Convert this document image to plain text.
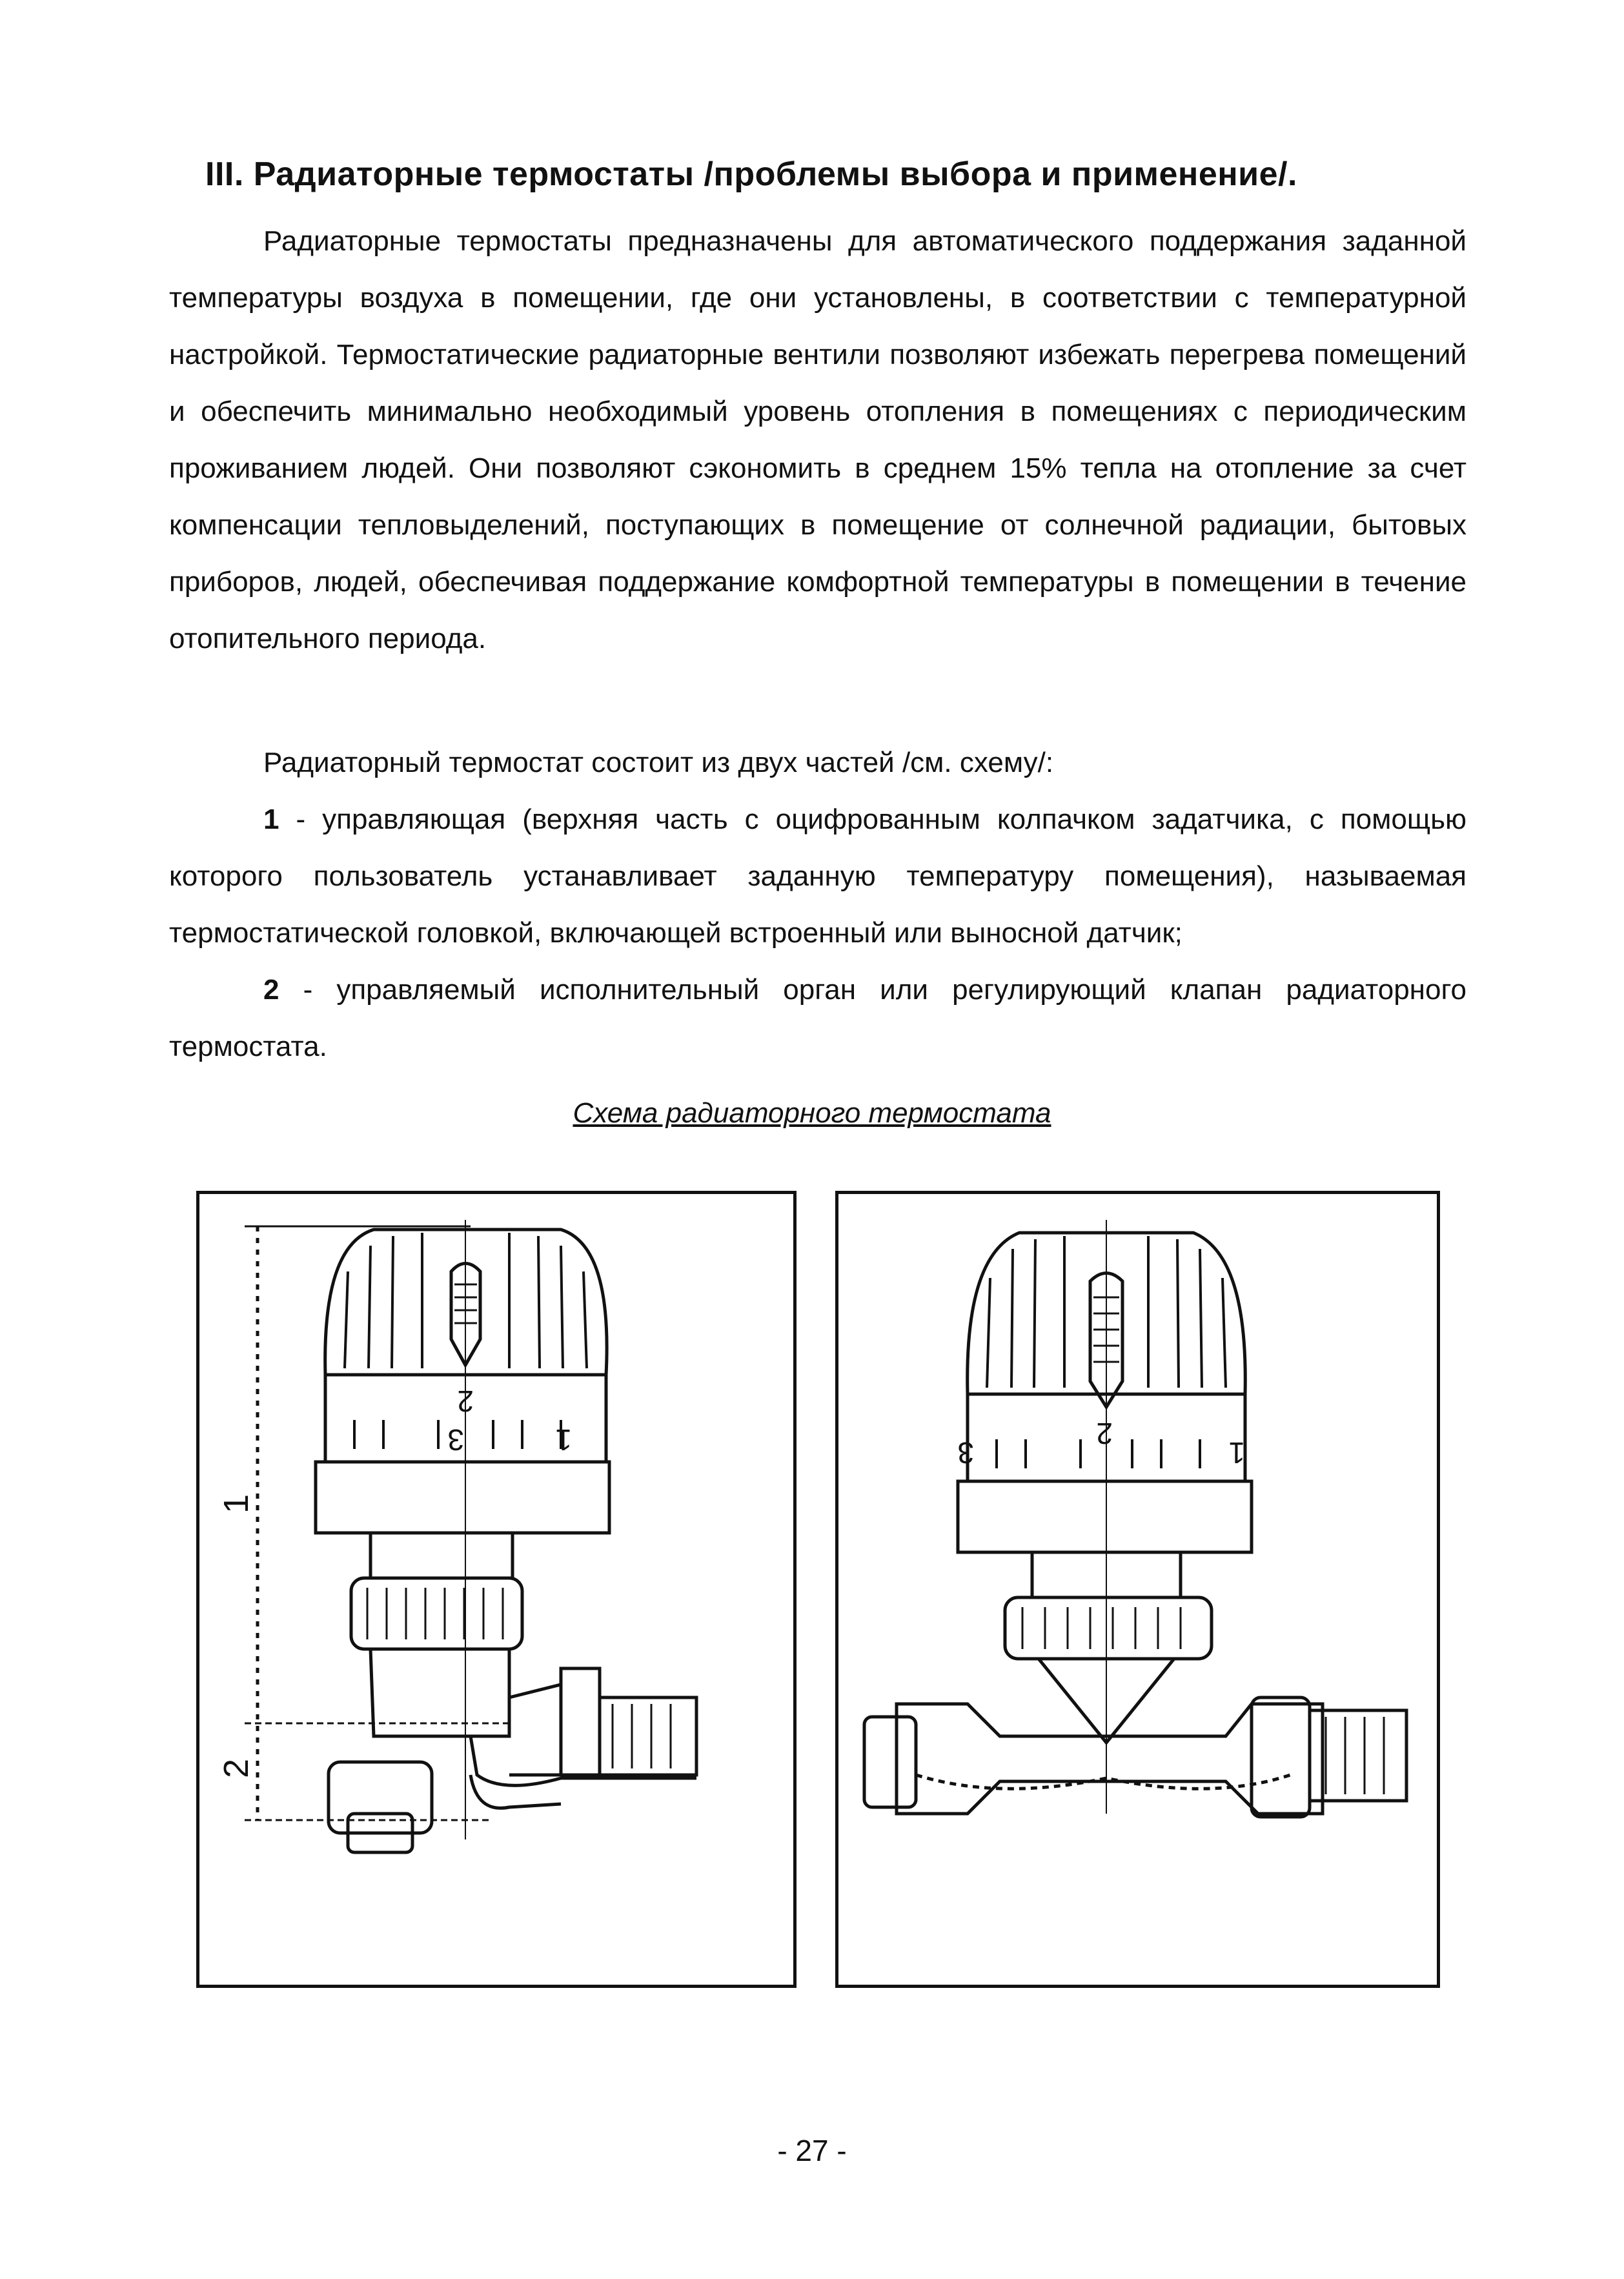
III. Радиаторные термостаты /проблемы выбора и применение/.

Радиаторные термостаты предназначены для автоматического поддержания заданной температуры воздуха в помещении, где они установлены, в соответствии с температурной настройкой. Термостатические радиаторные вентили позволяют избежать перегрева помещений и обеспечить минимально необходимый уровень отопления в помещениях с периодическим проживанием людей. Они позволяют сэкономить в среднем 15% тепла на отопление за счет компенсации тепловыделений, поступающих в помещение от солнечной радиации, бытовых приборов, людей, обеспечивая поддержание комфортной температуры в помещении в течение отопительного периода.

Радиаторный термостат состоит из двух частей /см. схему/:

1 - управляющая (верхняя часть с оцифрованным колпачком задатчика, с помощью которого пользователь устанавливает заданную температуру помещения), называемая термостатической головкой, включающей встроенный или выносной датчик;

2 - управляемый исполнительный орган или регулирующий клапан радиаторного термостата.

Схема радиаторного термостата
3
2
1
1
2
3
2
1
- 27 -
